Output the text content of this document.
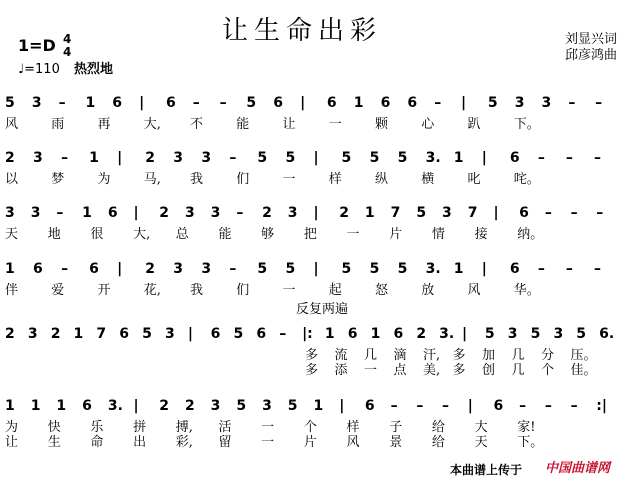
让生命出彩	刘显兴词
邱彦鸿曲
1=D 4
4
♩=110 热烈地
5 3 – 1 6 | 6 – – 5 6 | 6 1 6 6 – | 5 3 3 – –
风	雨	再	大, 不	能	让	一	颗	心	趴	下。
2 3 – 1 | 2 3 3 – 5 5 | 5 5 5 3. 1 | 6 – – –
以	梦	为	马, 我	们	一	样	纵	横	叱	咤。
3 3 – 1 6 | 2 3 3 – 2 3 | 2 1 7 5 3 7 | 6 – – –
天 地 很 大, 总 能 够 把 一 片 情 接 纳。
1 6 – 6 | 2 3 3 – 5 5 | 5 5 5 3. 1 | 6 – – –
伴	爱	开	花, 我	们	一	起	怒	放	风	华。
2 3 2 1 7 6 5 3 | 6 5 6 – |: 1 6 1 6 2 3. | 5 3 5 3 5 6.
多 流 几 滴 汗, 多 加 几 分 压。
多 添 一 点 美, 多 创 几 个 佳。
1 1 1 6 3. | 2 2 3 5 3 5 1 | 6 – – – | 6 – – – :|
为 快 乐 拼 搏, 活 一 个 样 子 给 大 家!
让 生 命 出 彩, 留 一 片 风 景 给 天 下。
反复两遍
本曲谱上传于 中国曲谱网
